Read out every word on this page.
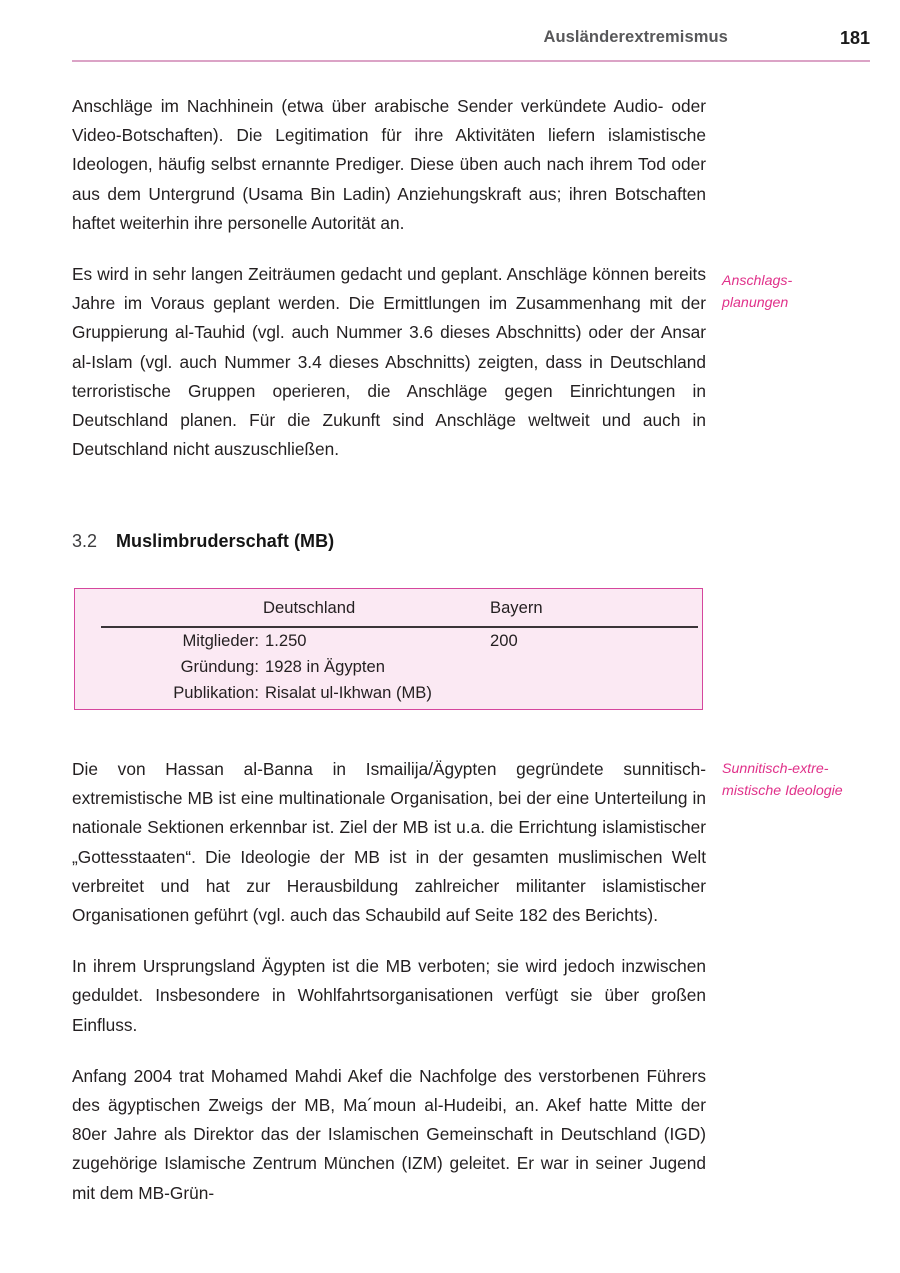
Ausländerextremismus	181
Anschlags-
planungen
Sunnitisch-extre-
mistische Ideologie
3.2	Muslimbruderschaft (MB)
Deutschland	Bayern
Mitglieder: 1.250	200
Gründung: 1928 in Ägypten
Publikation: Risalat ul-Ikhwan (MB)

Anschläge im Nachhinein (etwa über arabische Sender verkündete Audio- oder Video-Botschaften). Die Legitimation für ihre Aktivitäten liefern islamistische Ideologen, häufig selbst ernannte Prediger. Diese üben auch nach ihrem Tod oder aus dem Untergrund (Usama Bin Ladin) Anziehungskraft aus; ihren Botschaften haftet weiterhin ihre personelle Autorität an.

Es wird in sehr langen Zeiträumen gedacht und geplant. Anschläge können bereits Jahre im Voraus geplant werden. Die Ermittlungen im Zusammenhang mit der Gruppierung al-Tauhid (vgl. auch Nummer 3.6 dieses Abschnitts) oder der Ansar al-Islam (vgl. auch Nummer 3.4 dieses Abschnitts) zeigten, dass in Deutschland terroristische Gruppen operieren, die Anschläge gegen Einrichtungen in Deutschland planen. Für die Zukunft sind Anschläge weltweit und auch in Deutschland nicht auszuschließen.

Die von Hassan al-Banna in Ismailija/Ägypten gegründete sunnitisch-extremistische MB ist eine multinationale Organisation, bei der eine Unterteilung in nationale Sektionen erkennbar ist. Ziel der MB ist u.a. die Errichtung islamistischer „Gottesstaaten“. Die Ideologie der MB ist in der gesamten muslimischen Welt verbreitet und hat zur Herausbildung zahlreicher militanter islamistischer Organisationen geführt (vgl. auch das Schaubild auf Seite 182 des Berichts).

In ihrem Ursprungsland Ägypten ist die MB verboten; sie wird jedoch inzwischen geduldet. Insbesondere in Wohlfahrtsorganisationen verfügt sie über großen Einfluss.

Anfang 2004 trat Mohamed Mahdi Akef die Nachfolge des verstorbenen Führers des ägyptischen Zweigs der MB, Ma´moun al-Hudeibi, an. Akef hatte Mitte der 80er Jahre als Direktor das der Islamischen Gemeinschaft in Deutschland (IGD) zugehörige Islamische Zentrum München (IZM) geleitet. Er war in seiner Jugend mit dem MB-Grün-
